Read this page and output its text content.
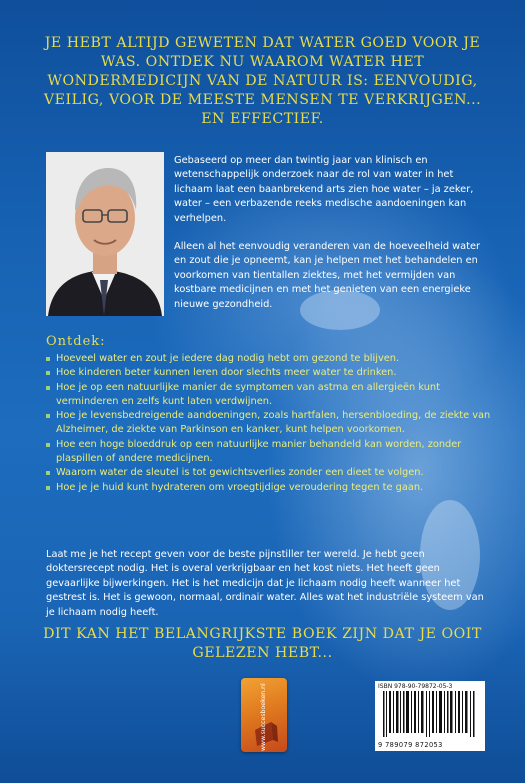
JE HEBT ALTIJD GEWETEN DAT WATER GOED VOOR JE WAS. ONTDEK NU WAAROM WATER HET WONDERMEDICIJN VAN DE NATUUR IS: EENVOUDIG, VEILIG, VOOR DE MEESTE MENSEN TE VERKRIJGEN... EN EFFECTIEF.

Gebaseerd op meer dan twintig jaar van klinisch en wetenschappelijk onderzoek naar de rol van water in het lichaam laat een baanbrekend arts zien hoe water – ja zeker, water – een verbazende reeks medische aandoeningen kan verhelpen.

Alleen al het eenvoudig veranderen van de hoeveelheid water en zout die je opneemt, kan je helpen met het behandelen en voorkomen van tientallen ziektes, met het vermijden van kostbare medicijnen en met het genieten van een energieke nieuwe gezondheid.

Ontdek:

Hoeveel water en zout je iedere dag nodig hebt om gezond te blijven.
Hoe kinderen beter kunnen leren door slechts meer water te drinken.
Hoe je op een natuurlijke manier de symptomen van astma en allergieën kunt verminderen en zelfs kunt laten verdwijnen.
Hoe je levensbedreigende aandoeningen, zoals hartfalen, hersenbloeding, de ziekte van Alzheimer, de ziekte van Parkinson en kanker, kunt helpen voorkomen.
Hoe een hoge bloeddruk op een natuurlijke manier behandeld kan worden, zonder plaspillen of andere medicijnen.
Waarom water de sleutel is tot gewichtsverlies zonder een dieet te volgen.
Hoe je je huid kunt hydrateren om vroegtijdige veroudering tegen te gaan.

Laat me je het recept geven voor de beste pijnstiller ter wereld. Je hebt geen doktersrecept nodig. Het is overal verkrijgbaar en het kost niets. Het heeft geen gevaarlijke bijwerkingen. Het is het medicijn dat je lichaam nodig heeft wanneer het gestrest is. Het is gewoon, normaal, ordinair water. Alles wat het industriële systeem van je lichaam nodig heeft.

DIT KAN HET BELANGRIJKSTE BOEK ZIJN DAT JE OOIT GELEZEN HEBT...

www.succesboeken.nl	ISBN 978-90-79872-05-3

9 789079 872053
